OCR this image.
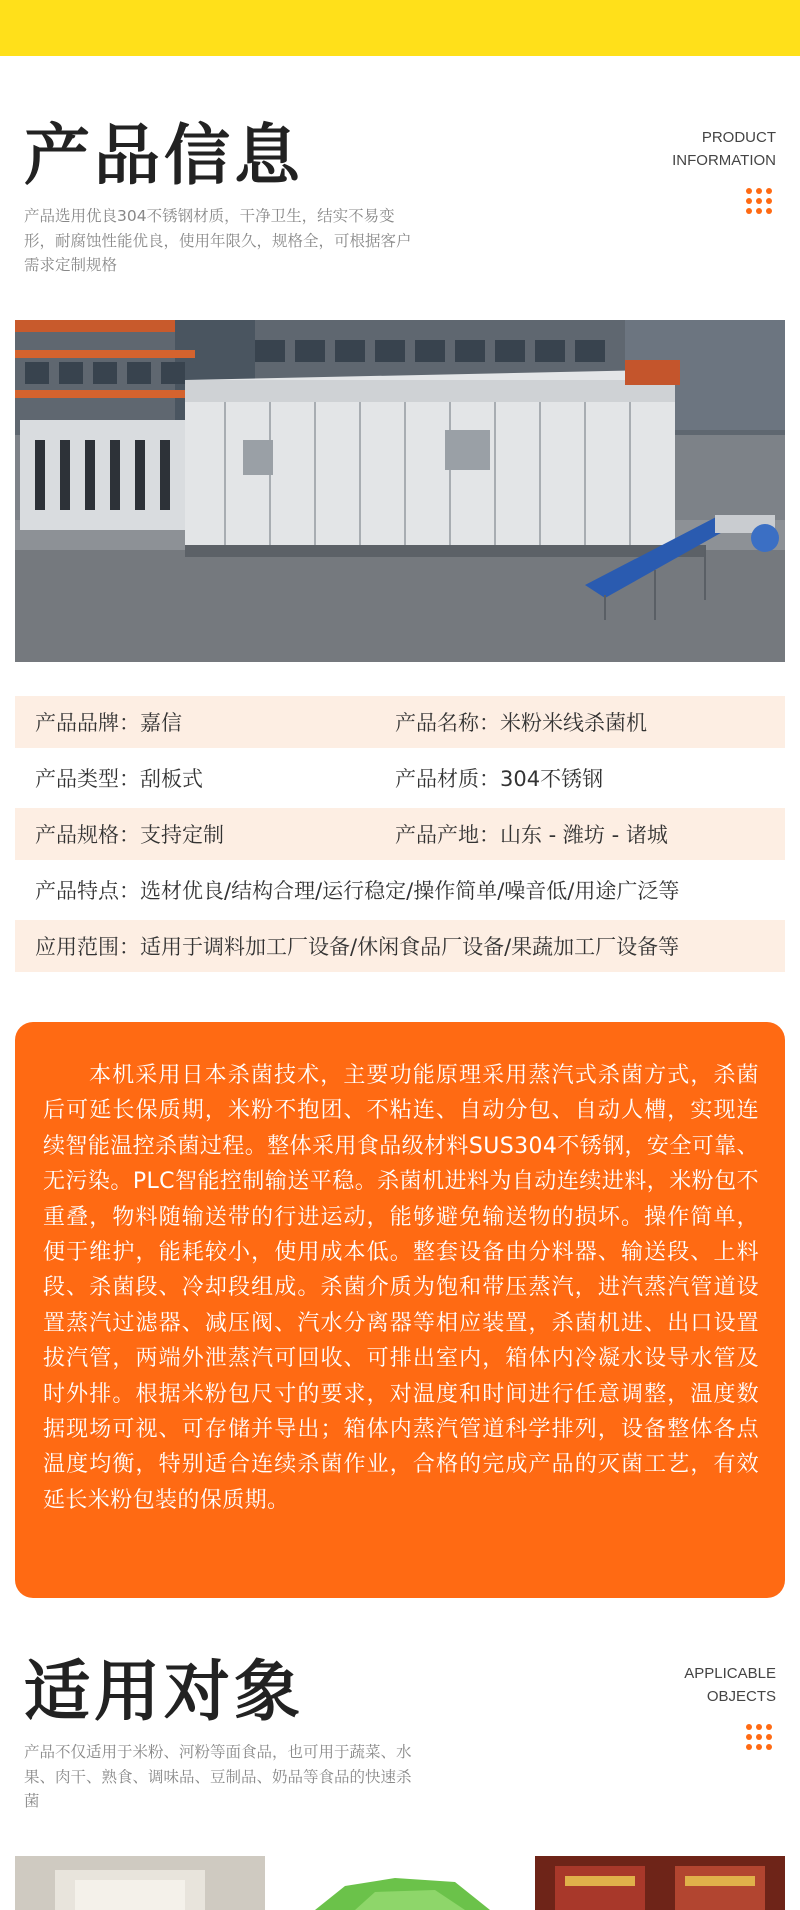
产品信息	PRODUCT
INFORMATION
产品选用优良304不锈钢材质，干净卫生，结实不易变形，耐腐蚀性能优良，使用年限久，规格全，可根据客户需求定制规格
产品品牌： 嘉信	产品名称： 米粉米线杀菌机
产品类型： 刮板式	产品材质： 304不锈钢
产品规格： 支持定制	产品产地： 山东 - 潍坊 - 诸城
产品特点： 选材优良/结构合理/运行稳定/操作简单/噪音低/用途广泛等
应用范围： 适用于调料加工厂设备/休闲食品厂设备/果蔬加工厂设备等

本机采用日本杀菌技术，主要功能原理采用蒸汽式杀菌方式，杀菌后可延长保质期，米粉不抱团、不粘连、自动分包、自动人槽，实现连续智能温控杀菌过程。整体采用食品级材料SUS304不锈钢，安全可靠、无污染。PLC智能控制输送平稳。杀菌机进料为自动连续进料，米粉包不重叠，物料随输送带的行进运动，能够避免输送物的损坏。操作简单，便于维护，能耗较小，使用成本低。整套设备由分料器、输送段、上料段、杀菌段、冷却段组成。杀菌介质为饱和带压蒸汽，进汽蒸汽管道设置蒸汽过滤器、减压阀、汽水分离器等相应装置，杀菌机进、出口设置拔汽管，两端外泄蒸汽可回收、可排出室内，箱体内冷凝水设导水管及时外排。根据米粉包尺寸的要求，对温度和时间进行任意调整，温度数据现场可视、可存储并导出；箱体内蒸汽管道科学排列，设备整体各点温度均衡，特别适合连续杀菌作业，合格的完成产品的灭菌工艺，有效延长米粉包装的保质期。

适用对象	APPLICABLE
OBJECTS
产品不仅适用于米粉、河粉等面食品，也可用于蔬菜、水果、肉干、熟食、调味品、豆制品、奶品等食品的快速杀菌
